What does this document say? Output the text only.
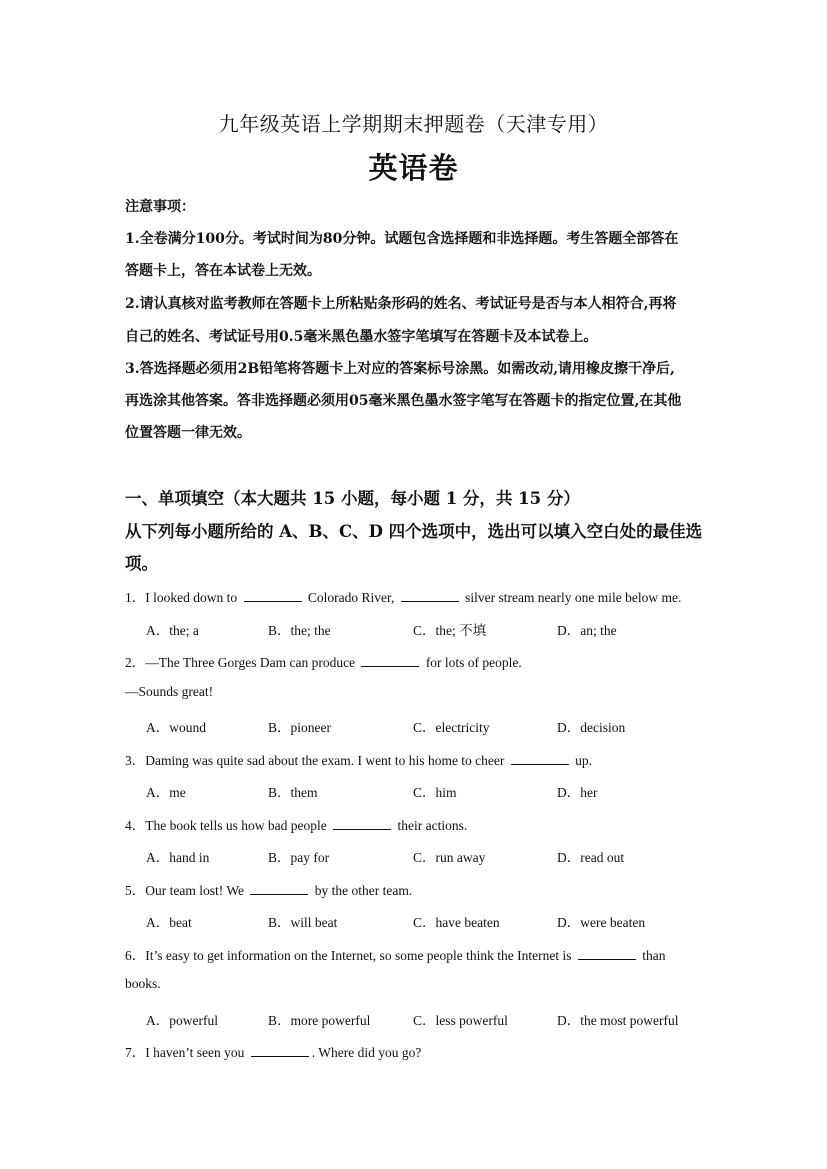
九年级英语上学期期末押题卷（天津专用）
英语卷
注意事项：
1.全卷满分100分。考试时间为80分钟。试题包含选择题和非选择题。考生答题全部答在
答题卡上，答在本试卷上无效。
2.请认真核对监考教师在答题卡上所粘贴条形码的姓名、考试证号是否与本人相符合,再将
自己的姓名、考试证号用0.5毫米黑色墨水签字笔填写在答题卡及本试卷上。
3.答选择题必须用2B铅笔将答题卡上对应的答案标号涂黑。如需改动,请用橡皮擦干净后,
再选涂其他答案。答非选择题必须用05毫米黑色墨水签字笔写在答题卡的指定位置,在其他
位置答题一律无效。
一、单项填空（本大题共 15 小题，每小题 1 分，共 15 分）
从下列每小题所给的 A、B、C、D 四个选项中，选出可以填入空白处的最佳选
项。
1．I looked down to	Colorado River,	silver stream nearly one mile below me.
A．the; a	B．the; the	C．the; 不填	D．an; the
2．—The Three Gorges Dam can produce	for lots of people.
—Sounds great!
A．wound	B．pioneer	C．electricity	D．decision
3．Daming was quite sad about the exam. I went to his home to cheer	up.
A．me	B．them	C．him	D．her
4．The book tells us how bad people	their actions.
A．hand in	B．pay for	C．run away	D．read out
5．Our team lost! We	by the other team.
A．beat	B．will beat	C．have beaten	D．were beaten
6．It’s easy to get information on the Internet, so some people think the Internet is	than
books.
A．powerful	B．more powerful	C．less powerful	D．the most powerful
7．I haven’t seen you	. Where did you go?
